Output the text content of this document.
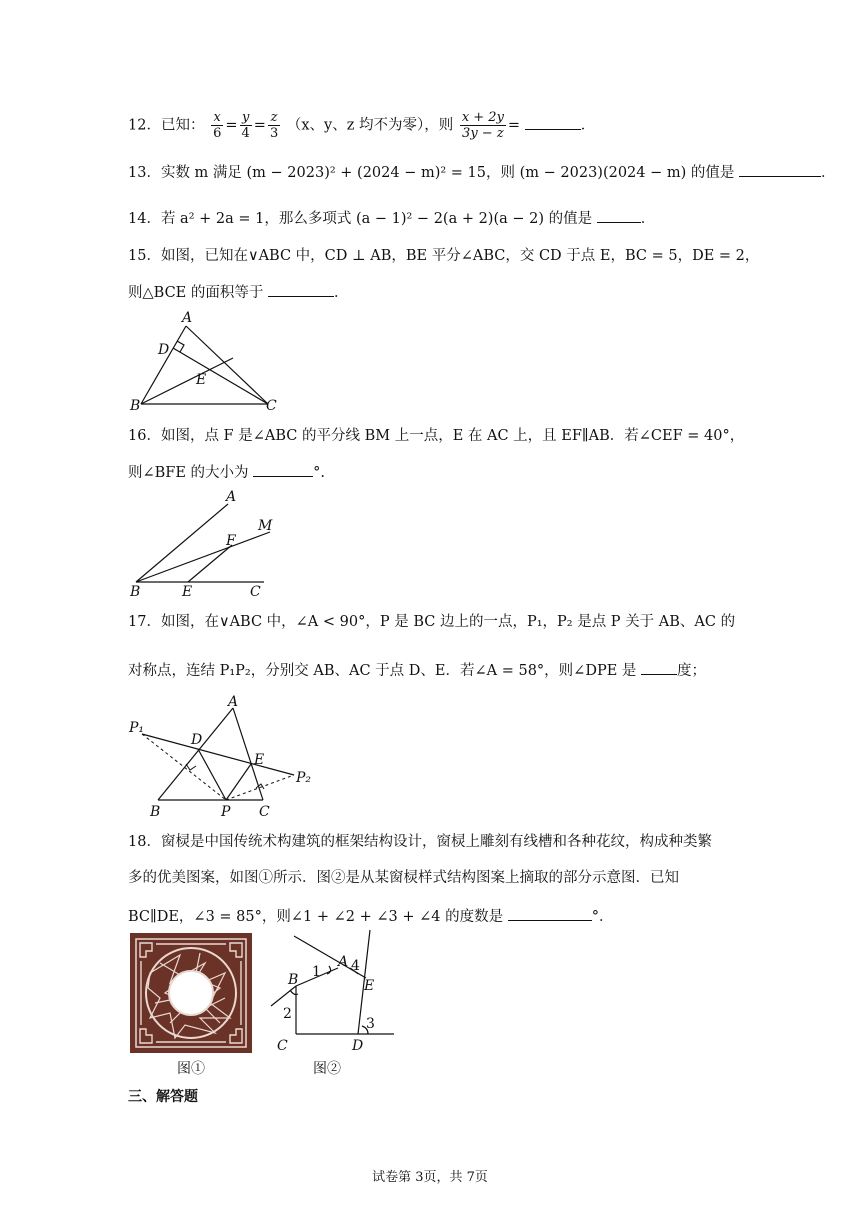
12．已知： $\frac{x}{6} = \frac{y}{4} = \frac{z}{3} (x$、y、z 均不为零），则 $\frac{x + 2y}{3y - z}$ =	．
13．实数 m 满足 (m − 2023)² + (2024 − m)² = 15，则 (m − 2023)(2024 − m) 的值是	．
14．若 a² + 2a = 1，那么多项式 (a − 1)² − 2(a + 2)(a − 2) 的值是	．
15．如图，已知在∨ABC 中，CD ⊥ AB，BE 平分∠ABC，交 CD 于点 E，BC = 5，DE = 2，
则△BCE 的面积等于	．
A
D
E
B	C
16．如图，点 F 是∠ABC 的平分线 BM 上一点，E 在 AC 上，且 EF∥AB．若∠CEF = 40°，
则∠BFE 的大小为	°.
A
M
F
B	E	C
17．如图，在∨ABC 中，∠A < 90°，P 是 BC 边上的一点，P₁，P₂ 是点 P 关于 AB、AC 的
对称点，连结 P₁P₂，分别交 AB、AC 于点 D、E．若∠A = 58°，则∠DPE 是	度；
A
P₁
D
E
P₂
B	P C
18．窗棂是中国传统术构建筑的框架结构设计，窗棂上雕刻有线槽和各种花纹，构成种类繁
多的优美图案，如图①所示．图②是从某窗棂样式结构图案上摘取的部分示意图．已知
BC∥DE，∠3 = 85°，则∠1 + ∠2 + ∠3 + ∠4 的度数是	°．
图①
1
A 4
B	E
2
3
C	D
图②
三、解答题
试卷第 3页，共 7页
